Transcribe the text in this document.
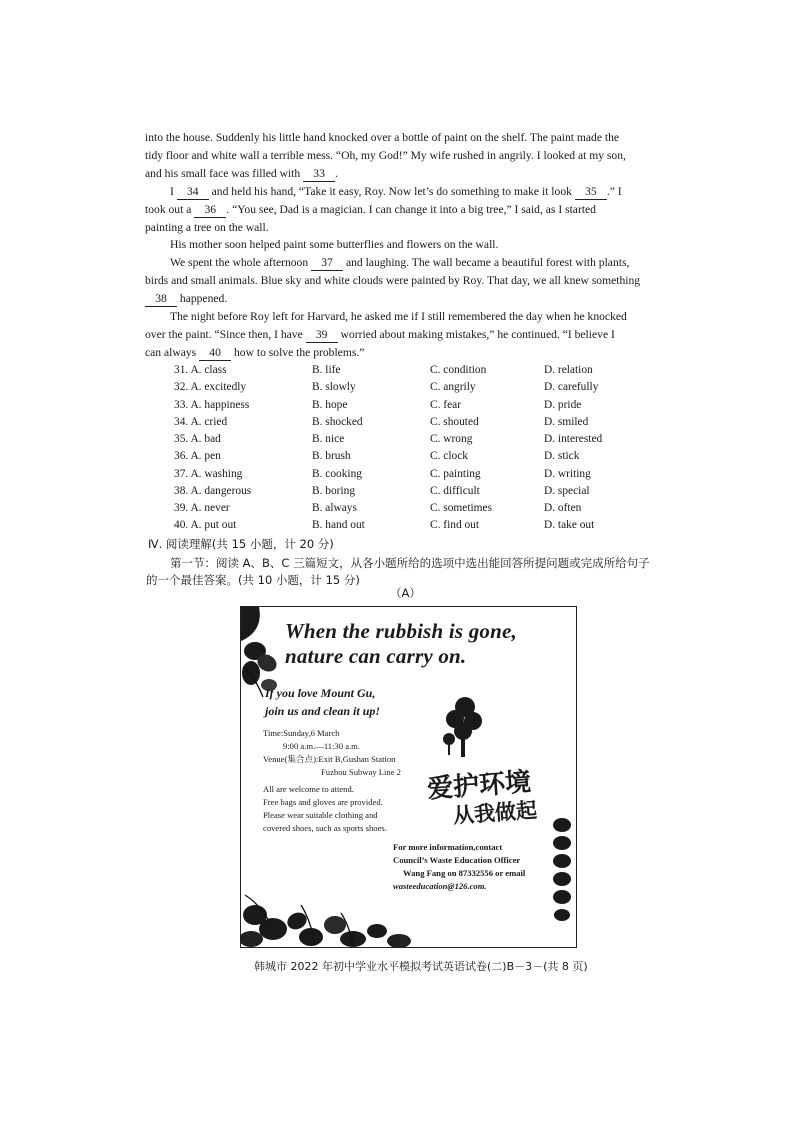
into the house. Suddenly his little hand knocked over a bottle of paint on the shelf. The paint made the
tidy floor and white wall a terrible mess. “Oh, my God!” My wife rushed in angrily. I looked at my son,
and his small face was filled with 33 .
I 34 and held his hand, “Take it easy, Roy. Now let’s do something to make it look 35 .” I
took out a 36 . “You see, Dad is a magician. I can change it into a big tree,” I said, as I started
painting a tree on the wall.
His mother soon helped paint some butterflies and flowers on the wall.
We spent the whole afternoon 37 and laughing. The wall became a beautiful forest with plants,
birds and small animals. Blue sky and white clouds were painted by Roy. That day, we all knew something
38 happened.
The night before Roy left for Harvard, he asked me if I still remembered the day when he knocked
over the paint. “Since then, I have 39 worried about making mistakes,” he continued. “I believe I
can always 40 how to solve the problems.”
31. A. class	B. life	C. condition	D. relation
32. A. excitedly	B. slowly	C. angrily	D. carefully
33. A. happiness	B. hope	C. fear	D. pride
34. A. cried	B. shocked	C. shouted	D. smiled
35. A. bad	B. nice	C. wrong	D. interested
36. A. pen	B. brush	C. clock	D. stick
37. A. washing	B. cooking	C. painting	D. writing
38. A. dangerous	B. boring	C. difficult	D. special
39. A. never	B. always	C. sometimes	D. often
40. A. put out	B. hand out	C. find out	D. take out
Ⅳ. 阅读理解(共 15 小题，计 20 分)
第一节：阅读 A、B、C 三篇短文，从各小题所给的选项中选出能回答所提问题或完成所给句子
的一个最佳答案。(共 10 小题，计 15 分)
（A）
When the rubbish is gone,
nature can carry on.
If you love Mount Gu,
join us and clean it up!
Time:Sunday,6 March
9:00 a.m.—11:30 a.m.
Venue(集合点):Exit B,Gushan Station
Fuzhou Subway Line 2
All are welcome to attend.
Free bags and gloves are provided.
Please wear suitable clothing and
covered shoes, such as sports shoes.
爱护环境
从我做起
For more information,contact
Council’s Waste Education Officer
Wang Fang on 87332556 or email
wasteeducation@126.com.
韩城市 2022 年初中学业水平模拟考试英语试卷(二)B－3－(共 8 页)
